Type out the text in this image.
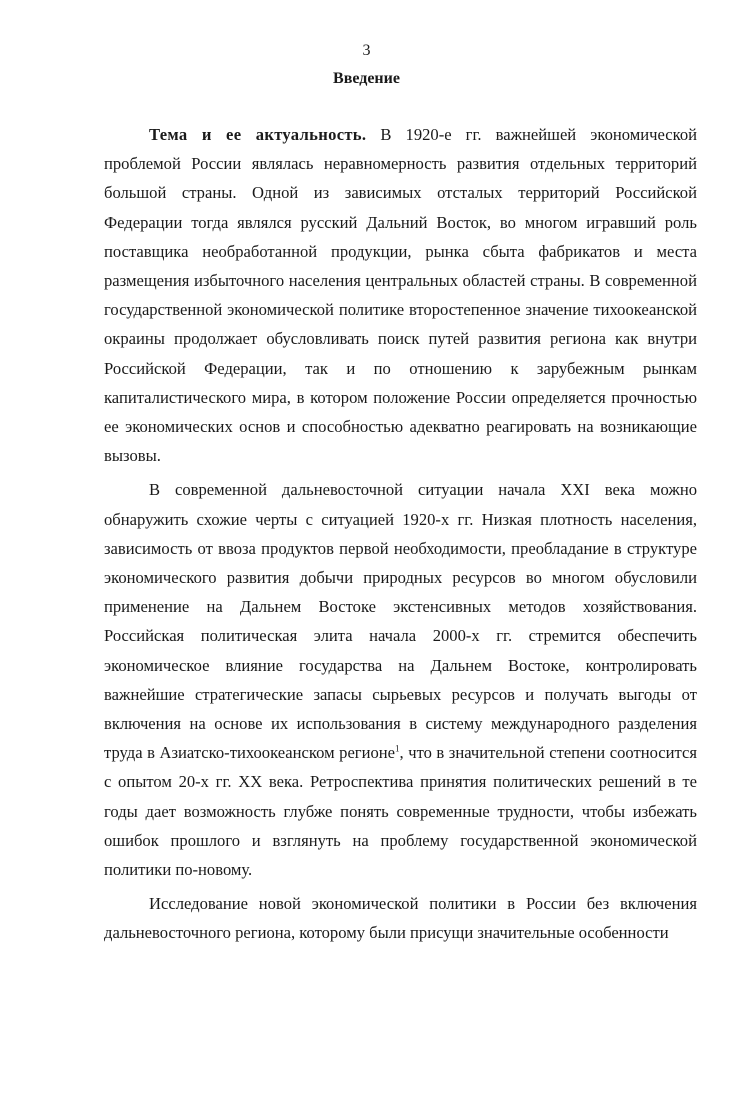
3
Введение

Тема и ее актуальность. В 1920-е гг. важнейшей экономической проблемой России являлась неравномерность развития отдельных территорий большой страны. Одной из зависимых отсталых территорий Российской Федерации тогда являлся русский Дальний Восток, во многом игравший роль поставщика необработанной продукции, рынка сбыта фабрикатов и места размещения избыточного населения центральных областей страны. В современной государственной экономической политике второстепенное значение тихоокеанской окраины продолжает обусловливать поиск путей развития региона как внутри Российской Федерации, так и по отношению к зарубежным рынкам капиталистического мира, в котором положение России определяется прочностью ее экономических основ и способностью адекватно реагировать на возникающие вызовы.

В современной дальневосточной ситуации начала XXI века можно обнаружить схожие черты с ситуацией 1920-х гг. Низкая плотность населения, зависимость от ввоза продуктов первой необходимости, преобладание в структуре экономического развития добычи природных ресурсов во многом обусловили применение на Дальнем Востоке экстенсивных методов хозяйствования. Российская политическая элита начала 2000-х гг. стремится обеспечить экономическое влияние государства на Дальнем Востоке, контролировать важнейшие стратегические запасы сырьевых ресурсов и получать выгоды от включения на основе их использования в систему международного разделения труда в Азиатско-тихоокеанском регионе$^1$, что в значительной степени соотносится с опытом 20-х гг. XX века. Ретроспектива принятия политических решений в те годы дает возможность глубже понять современные трудности, чтобы избежать ошибок прошлого и взглянуть на проблему государственной экономической политики по-новому.

Исследование новой экономической политики в России без включения дальневосточного региона, которому были присущи значительные особенности
